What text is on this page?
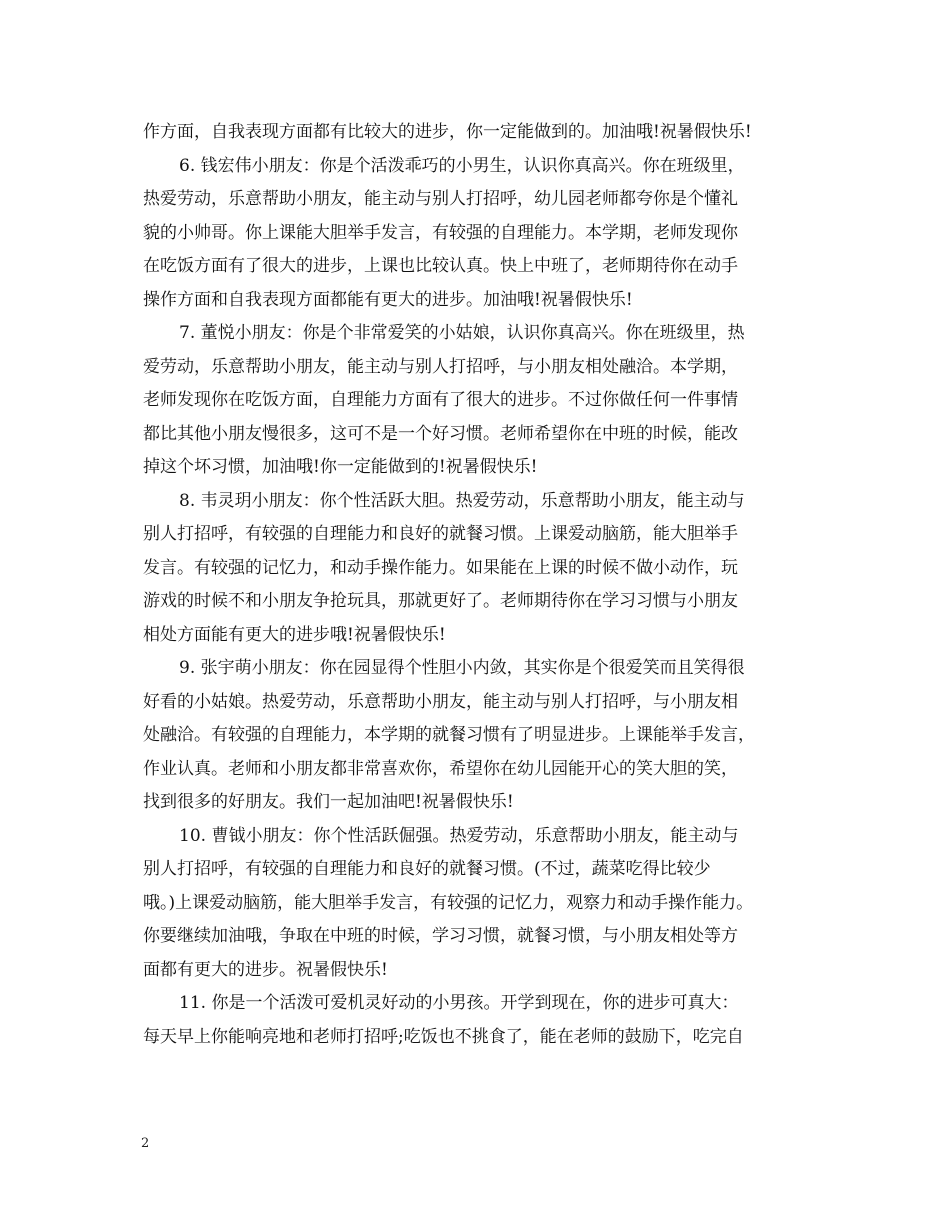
作方面，自我表现方面都有比较大的进步，你一定能做到的。加油哦!祝暑假快乐!
6. 钱宏伟小朋友：你是个活泼乖巧的小男生，认识你真高兴。你在班级里，
热爱劳动，乐意帮助小朋友，能主动与别人打招呼，幼儿园老师都夸你是个懂礼
貌的小帅哥。你上课能大胆举手发言，有较强的自理能力。本学期，老师发现你
在吃饭方面有了很大的进步，上课也比较认真。快上中班了，老师期待你在动手
操作方面和自我表现方面都能有更大的进步。加油哦!祝暑假快乐!
7. 董悦小朋友：你是个非常爱笑的小姑娘，认识你真高兴。你在班级里，热
爱劳动，乐意帮助小朋友，能主动与别人打招呼，与小朋友相处融洽。本学期，
老师发现你在吃饭方面，自理能力方面有了很大的进步。不过你做任何一件事情
都比其他小朋友慢很多，这可不是一个好习惯。老师希望你在中班的时候，能改
掉这个坏习惯，加油哦!你一定能做到的!祝暑假快乐!
8. 韦灵玥小朋友：你个性活跃大胆。热爱劳动，乐意帮助小朋友，能主动与
别人打招呼，有较强的自理能力和良好的就餐习惯。上课爱动脑筋，能大胆举手
发言。有较强的记忆力，和动手操作能力。如果能在上课的时候不做小动作，玩
游戏的时候不和小朋友争抢玩具，那就更好了。老师期待你在学习习惯与小朋友
相处方面能有更大的进步哦!祝暑假快乐!
9. 张宇萌小朋友：你在园显得个性胆小内敛，其实你是个很爱笑而且笑得很
好看的小姑娘。热爱劳动，乐意帮助小朋友，能主动与别人打招呼，与小朋友相
处融洽。有较强的自理能力，本学期的就餐习惯有了明显进步。上课能举手发言，
作业认真。老师和小朋友都非常喜欢你，希望你在幼儿园能开心的笑大胆的笑，
找到很多的好朋友。我们一起加油吧!祝暑假快乐!
10. 曹钺小朋友：你个性活跃倔强。热爱劳动，乐意帮助小朋友，能主动与
别人打招呼，有较强的自理能力和良好的就餐习惯。(不过，蔬菜吃得比较少
哦。)上课爱动脑筋，能大胆举手发言，有较强的记忆力，观察力和动手操作能力。
你要继续加油哦，争取在中班的时候，学习习惯，就餐习惯，与小朋友相处等方
面都有更大的进步。祝暑假快乐!
11. 你是一个活泼可爱机灵好动的小男孩。开学到现在，你的进步可真大：
每天早上你能响亮地和老师打招呼;吃饭也不挑食了，能在老师的鼓励下，吃完自
2
